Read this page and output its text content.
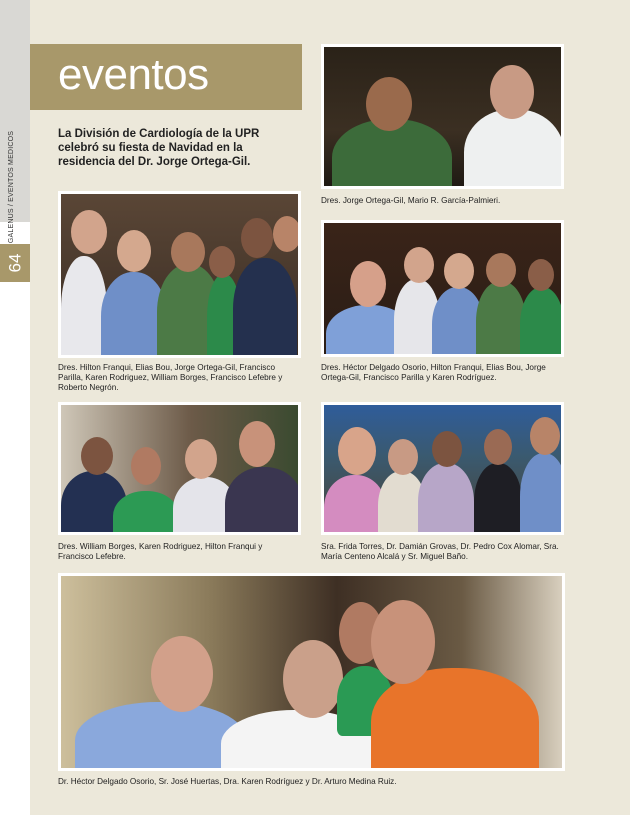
GALENUS / EVENTOS MEDICOS
64
eventos

La División de Cardiología de la UPR celebró su fiesta de Navidad en la residencia del Dr. Jorge Ortega-Gil.

Dres. Jorge Ortega-Gil, Mario R. García-Palmieri.

Dres. Hilton Franqui, Elias Bou, Jorge Ortega-Gil, Francisco Parilla, Karen Rodriguez, William Borges, Francisco Lefebre y Roberto Negrón.

Dres. Héctor Delgado Osorio, Hilton Franqui, Elias Bou, Jorge Ortega-Gil, Francisco Parilla y Karen Rodríguez.

Dres. William Borges, Karen Rodriguez, Hilton Franqui y Francisco Lefebre.

Sra. Frida Torres, Dr. Damián Grovas, Dr. Pedro Cox Alomar, Sra. María Centeno Alcalá y Sr. Miguel Baño.

Dr. Héctor Delgado Osorio, Sr. José Huertas, Dra. Karen Rodríguez y Dr. Arturo Medina Ruiz.
